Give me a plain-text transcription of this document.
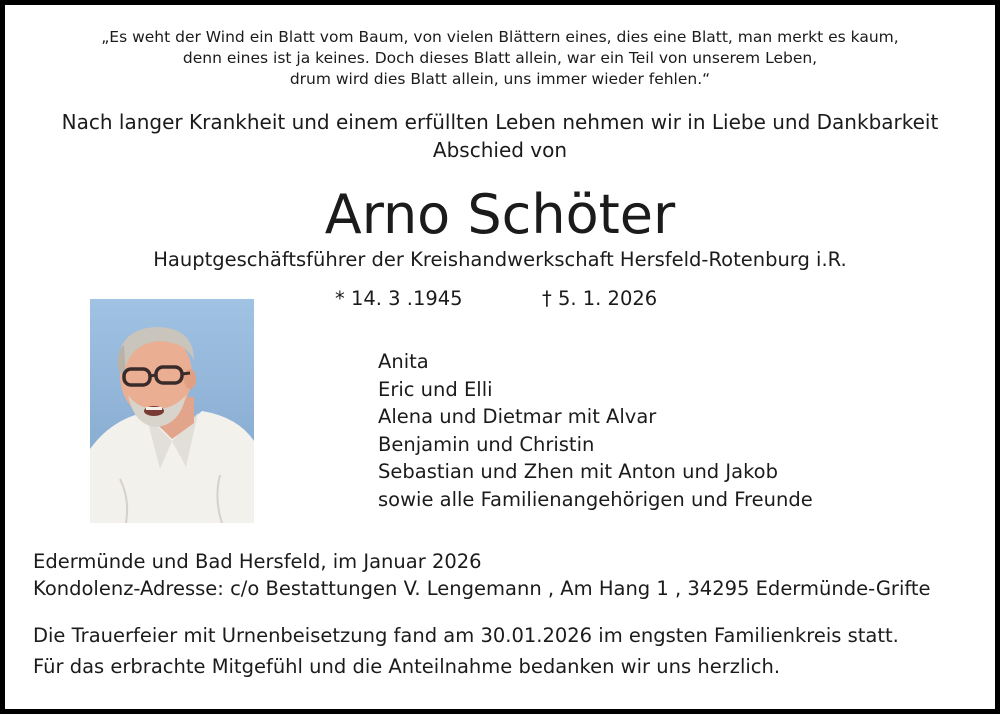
„Es weht der Wind ein Blatt vom Baum, von vielen Blättern eines, dies eine Blatt, man merkt es kaum,
denn eines ist ja keines. Doch dieses Blatt allein, war ein Teil von unserem Leben,
drum wird dies Blatt allein, uns immer wieder fehlen.“
Nach langer Krankheit und einem erfüllten Leben nehmen wir in Liebe und Dankbarkeit
Abschied von
Arno Schöter
Hauptgeschäftsführer der Kreishandwerkschaft Hersfeld-Rotenburg i.R.
* 14. 3 .1945	† 5. 1. 2026
Anita
Eric und Elli
Alena und Dietmar mit Alvar
Benjamin und Christin
Sebastian und Zhen mit Anton und Jakob
sowie alle Familienangehörigen und Freunde
Edermünde und Bad Hersfeld, im Januar 2026
Kondolenz-Adresse: c/o Bestattungen V. Lengemann , Am Hang 1 , 34295 Edermünde-Grifte
Die Trauerfeier mit Urnenbeisetzung fand am 30.01.2026 im engsten Familienkreis statt.
Für das erbrachte Mitgefühl und die Anteilnahme bedanken wir uns herzlich.
